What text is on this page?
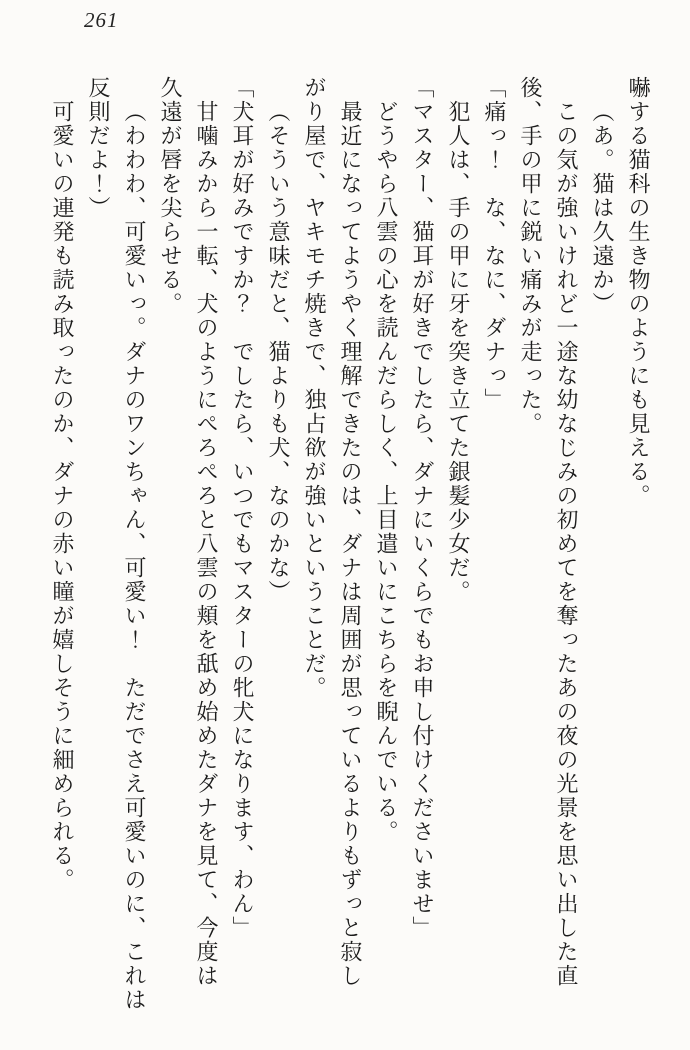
261

嚇する猫科の生き物のようにも見える。

（あ。猫は久遠か）

この気が強いけれど一途な幼なじみの初めてを奪ったあの夜の光景を思い出した直

後、手の甲に鋭い痛みが走った。

「痛っ！　な、なに、ダナっ」

犯人は、手の甲に牙を突き立てた銀髪少女だ。

「マスター、猫耳が好きでしたら、ダナにいくらでもお申し付けくださいませ」

どうやら八雲の心を読んだらしく、上目遣いにこちらを睨んでいる。

最近になってようやく理解できたのは、ダナは周囲が思っているよりもずっと寂し

がり屋で、ヤキモチ焼きで、独占欲が強いということだ。

（そういう意味だと、猫よりも犬、なのかな）

「犬耳が好みですか？　でしたら、いつでもマスターの牝犬になります、わん」

甘噛みから一転、犬のようにぺろぺろと八雲の頬を舐め始めたダナを見て、今度は

久遠が唇を尖らせる。

（わわわ、可愛いっ。ダナのワンちゃん、可愛い！　ただでさえ可愛いのに、これは

反則だよ！）

可愛いの連発も読み取ったのか、ダナの赤い瞳が嬉しそうに細められる。
